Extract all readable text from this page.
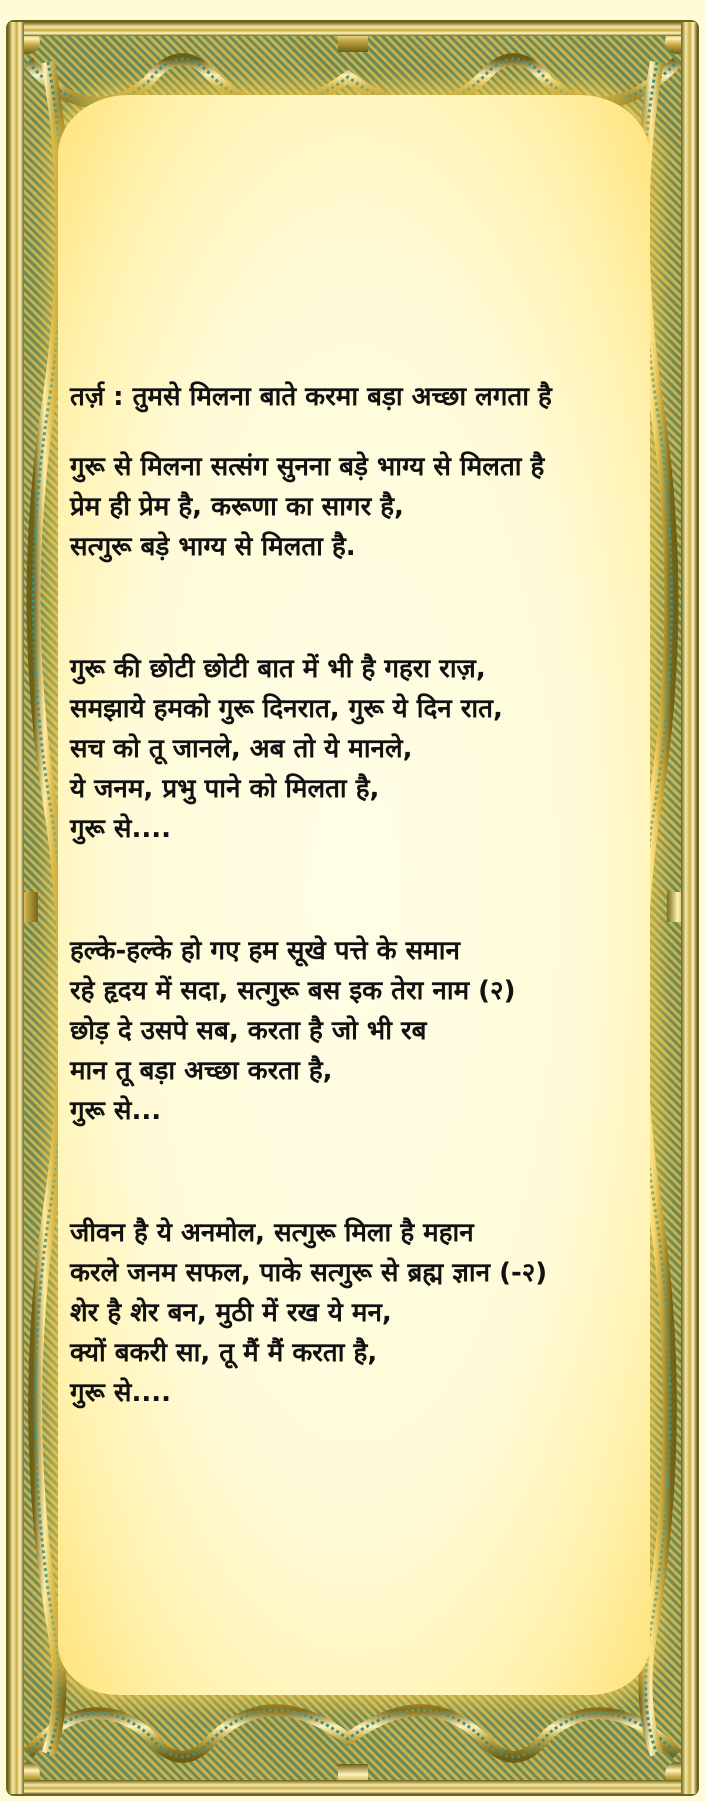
तर्ज़ : तुमसे मिलना बाते करमा बड़ा अच्छा लगता है
गुरू से मिलना सत्संग सुनना बड़े भाग्य से मिलता है
प्रेम ही प्रेम है, करूणा का सागर है,
सत्गुरू बड़े भाग्य से मिलता है.
गुरू की छोटी छोटी बात में भी है गहरा राज़,
समझाये हमको गुरू दिनरात, गुरू ये दिन रात,
सच को तू जानले, अब तो ये मानले,
ये जनम, प्रभु पाने को मिलता है,
गुरू से....
हल्के-हल्के हो गए हम सूखे पत्ते के समान
रहे हृदय में सदा, सत्गुरू बस इक तेरा नाम (२)
छोड़ दे उसपे सब, करता है जो भी रब
मान तू बड़ा अच्छा करता है,
गुरू से...
जीवन है ये अनमोल, सत्गुरू मिला है महान
करले जनम सफल, पाके सत्गुरू से ब्रह्म ज्ञान (-२)
शेर है शेर बन, मुठी में रख ये मन,
क्यों बकरी सा, तू मैं मैं करता है,
गुरू से....
